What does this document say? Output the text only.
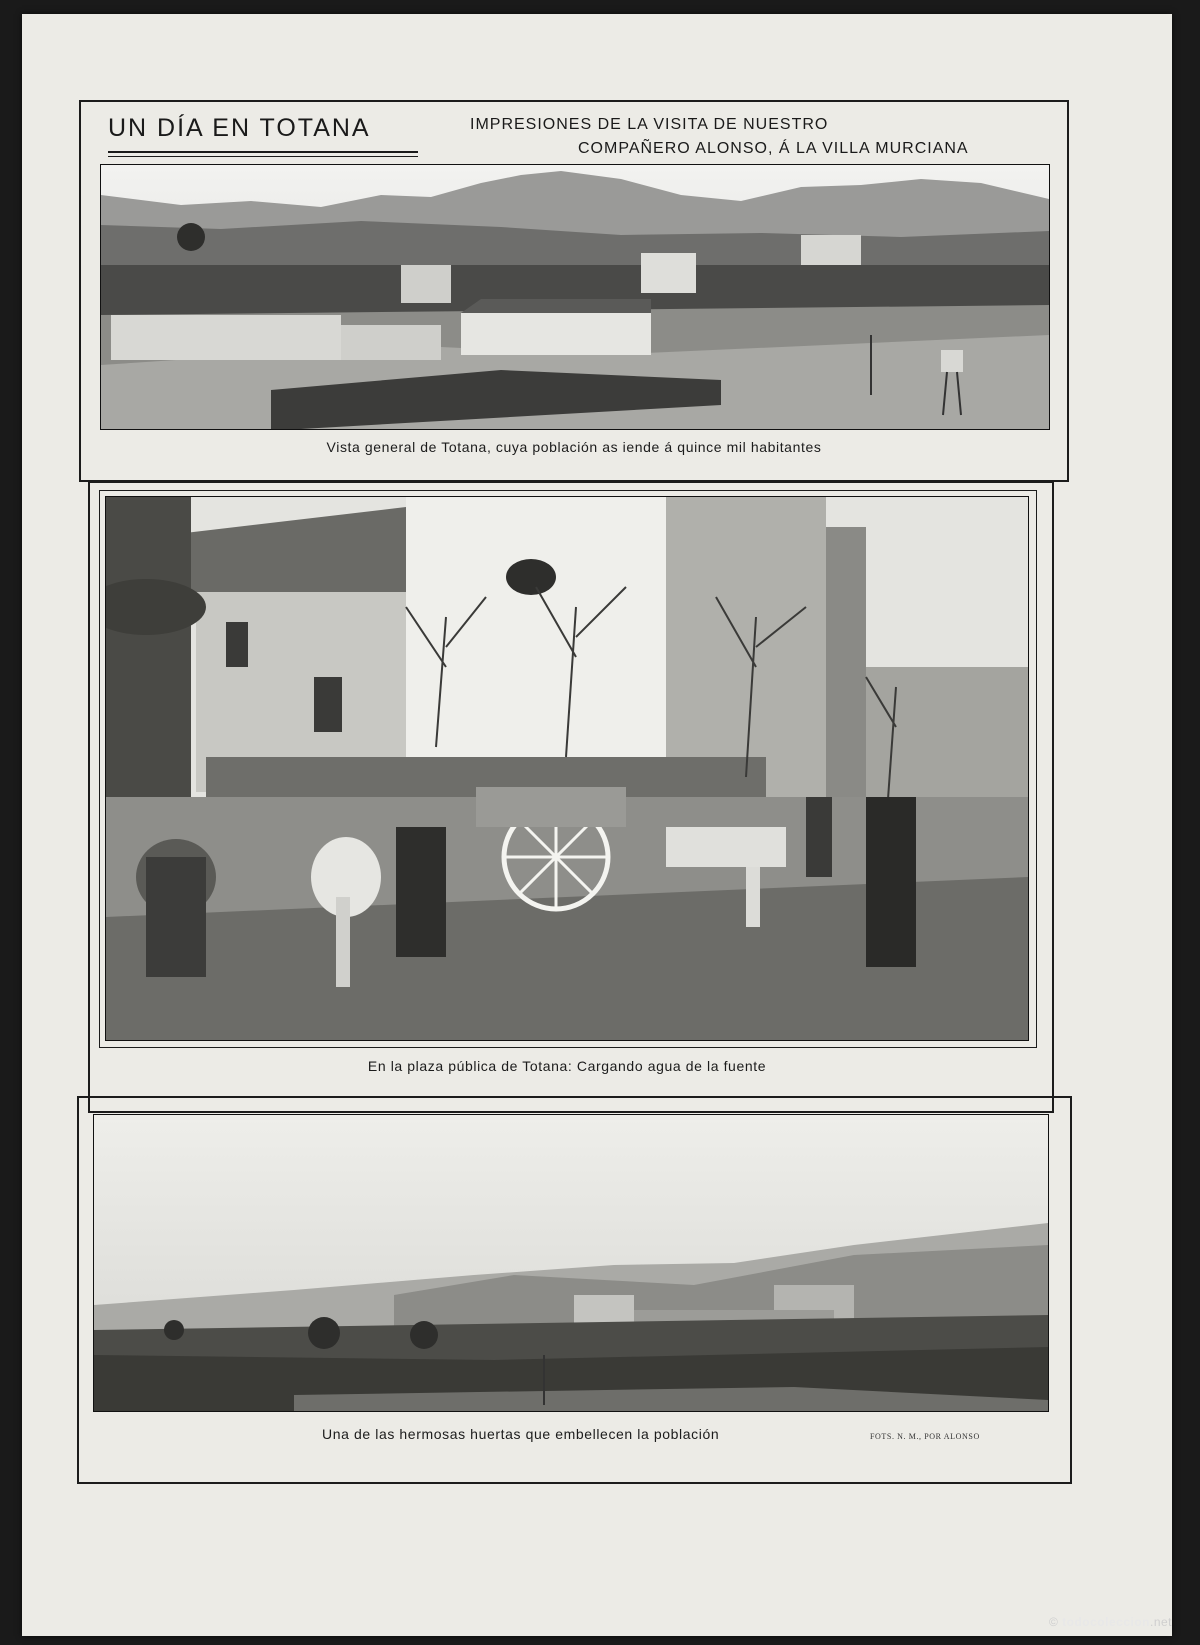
UN DÍA EN TOTANA	IMPRESIONES DE LA VISITA DE NUESTRO
COMPAÑERO ALONSO, Á LA VILLA MURCIANA
Vista general de Totana, cuya población as iende á quince mil habitantes
En la plaza pública de Totana: Cargando agua de la fuente
Una de las hermosas huertas que embellecen la población	FOTS. N. M., POR ALONSO
© todocoleccion.net
